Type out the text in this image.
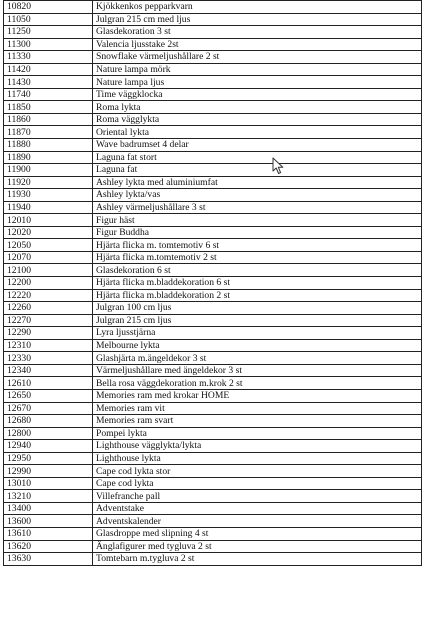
10820	Kjökkenkos pepparkvarn
11050	Julgran 215 cm med ljus
11250	Glasdekoration 3 st
11300	Valencia ljusstake 2st
11330	Snowflake värmeljushållare 2 st
11420	Nature lampa mörk
11430	Nature lampa ljus
11740	Time väggklocka
11850	Roma lykta
11860	Roma vägglykta
11870	Oriental lykta
11880	Wave badrumset 4 delar
11890	Laguna fat stort
11900	Laguna fat
11920	Ashley lykta med aluminiumfat
11930	Ashley lykta/vas
11940	Ashley värmeljushållare 3 st
12010	Figur häst
12020	Figur Buddha
12050	Hjärta flicka m. tomtemotiv 6 st
12070	Hjärta flicka m.tomtemotiv 2 st
12100	Glasdekoration 6 st
12200	Hjärta flicka m.bladdekoration 6 st
12220	Hjärta flicka m.bladdekoration 2 st
12260	Julgran 100 cm ljus
12270	Julgran 215 cm ljus
12290	Lyra ljusstjärna
12310	Melbourne lykta
12330	Glashjärta m.ängeldekor 3 st
12340	Värmeljushållare med ängeldekor 3 st
12610	Bella rosa väggdekoration m.krok 2 st
12650	Memories ram med krokar HOME
12670	Memories ram vit
12680	Memories ram svart
12800	Pompei lykta
12940	Lighthouse vägglykta/lykta
12950	Lighthouse lykta
12990	Cape cod lykta stor
13010	Cape cod lykta
13210	Villefranche pall
13400	Adventstake
13600	Adventskalender
13610	Glasdroppe med slipning 4 st
13620	Änglafigurer med tygluva 2 st
13630	Tomtebarn m.tygluva 2 st
